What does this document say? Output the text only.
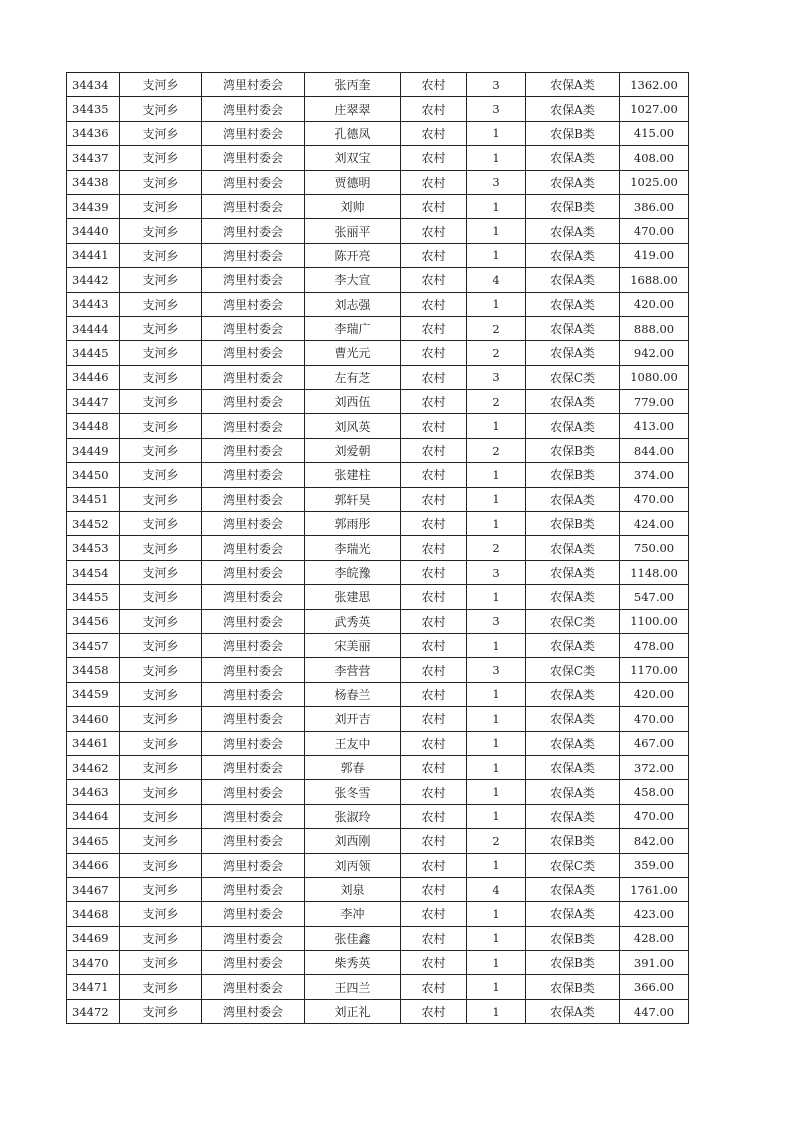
34434	支河乡	湾里村委会	张丙奎	农村	3	农保A类	1362.00
34435	支河乡	湾里村委会	庄翠翠	农村	3	农保A类	1027.00
34436	支河乡	湾里村委会	孔德凤	农村	1	农保B类	415.00
34437	支河乡	湾里村委会	刘双宝	农村	1	农保A类	408.00
34438	支河乡	湾里村委会	贾德明	农村	3	农保A类	1025.00
34439	支河乡	湾里村委会	刘帅	农村	1	农保B类	386.00
34440	支河乡	湾里村委会	张丽平	农村	1	农保A类	470.00
34441	支河乡	湾里村委会	陈开亮	农村	1	农保A类	419.00
34442	支河乡	湾里村委会	李大宣	农村	4	农保A类	1688.00
34443	支河乡	湾里村委会	刘志强	农村	1	农保A类	420.00
34444	支河乡	湾里村委会	李瑞广	农村	2	农保A类	888.00
34445	支河乡	湾里村委会	曹光元	农村	2	农保A类	942.00
34446	支河乡	湾里村委会	左有芝	农村	3	农保C类	1080.00
34447	支河乡	湾里村委会	刘西伍	农村	2	农保A类	779.00
34448	支河乡	湾里村委会	刘风英	农村	1	农保A类	413.00
34449	支河乡	湾里村委会	刘爱朝	农村	2	农保B类	844.00
34450	支河乡	湾里村委会	张建柱	农村	1	农保B类	374.00
34451	支河乡	湾里村委会	郭轩昊	农村	1	农保A类	470.00
34452	支河乡	湾里村委会	郭雨彤	农村	1	农保B类	424.00
34453	支河乡	湾里村委会	李瑞光	农村	2	农保A类	750.00
34454	支河乡	湾里村委会	李皖豫	农村	3	农保A类	1148.00
34455	支河乡	湾里村委会	张建思	农村	1	农保A类	547.00
34456	支河乡	湾里村委会	武秀英	农村	3	农保C类	1100.00
34457	支河乡	湾里村委会	宋美丽	农村	1	农保A类	478.00
34458	支河乡	湾里村委会	李营营	农村	3	农保C类	1170.00
34459	支河乡	湾里村委会	杨春兰	农村	1	农保A类	420.00
34460	支河乡	湾里村委会	刘开吉	农村	1	农保A类	470.00
34461	支河乡	湾里村委会	王友中	农村	1	农保A类	467.00
34462	支河乡	湾里村委会	郭春	农村	1	农保A类	372.00
34463	支河乡	湾里村委会	张冬雪	农村	1	农保A类	458.00
34464	支河乡	湾里村委会	张淑玲	农村	1	农保A类	470.00
34465	支河乡	湾里村委会	刘西刚	农村	2	农保B类	842.00
34466	支河乡	湾里村委会	刘丙领	农村	1	农保C类	359.00
34467	支河乡	湾里村委会	刘泉	农村	4	农保A类	1761.00
34468	支河乡	湾里村委会	李冲	农村	1	农保A类	423.00
34469	支河乡	湾里村委会	张佳鑫	农村	1	农保B类	428.00
34470	支河乡	湾里村委会	柴秀英	农村	1	农保B类	391.00
34471	支河乡	湾里村委会	王四兰	农村	1	农保B类	366.00
34472	支河乡	湾里村委会	刘正礼	农村	1	农保A类	447.00
